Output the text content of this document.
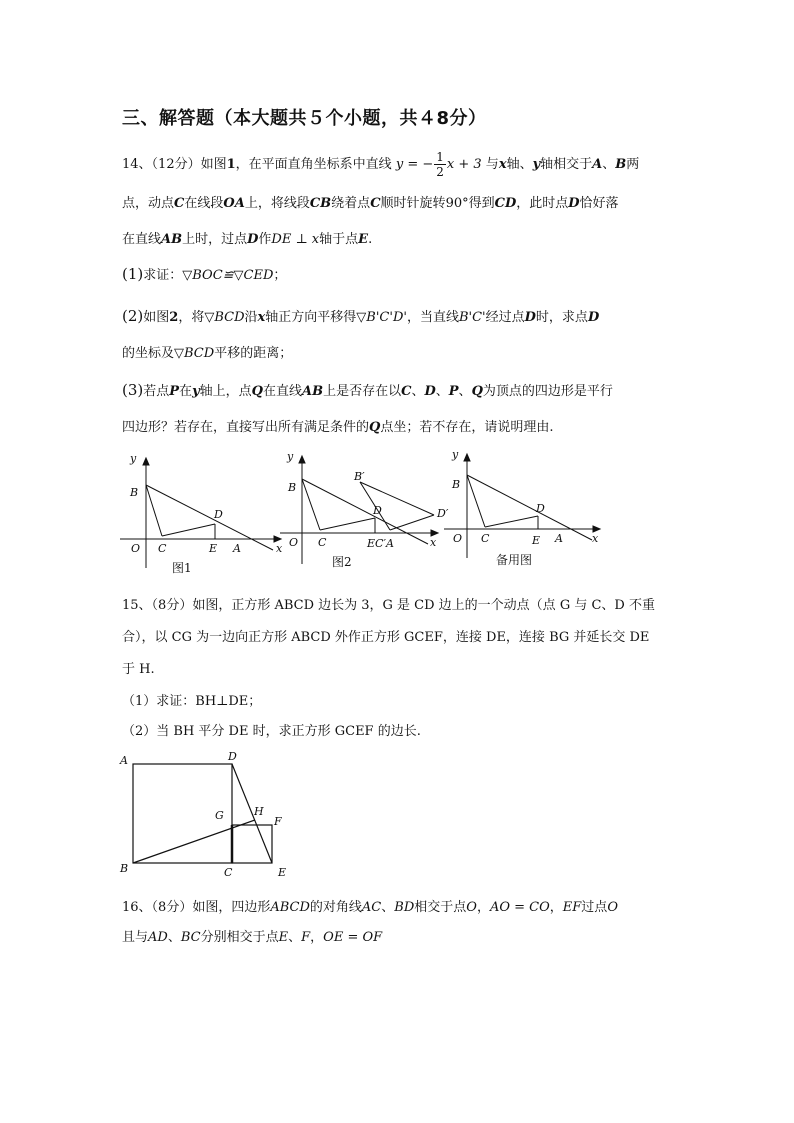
三、解答题（本大题共５个小题，共４8分）
14、（12分）如图1，在平面直角坐标系中直线 y = − $\frac{1}{2}$ x + 3 与x轴、y轴相交于A、B两
点，动点C在线段OA上，将线段CB绕着点C顺时针旋转90°得到CD，此时点D恰好落
在直线AB上时，过点D作DE ⊥ x轴于点E.
(1)求证：▽BOC≌▽CED；
(2)如图2，将▽BCD沿x轴正方向平移得▽B'C'D'，当直线B'C'经过点D时，求点D
的坐标及▽BCD平移的距离；
(3)若点P在y轴上，点Q在直线AB上是否存在以C、D、P、Q为顶点的四边形是平行
四边形？若存在，直接写出所有满足条件的Q点坐；若不存在，请说明理由.
y
x
B
O C
D
E A
图1
y
x
B
O C
D
EC′A
B′
D′
图2
y
x
B
O C
D
E A
备用图
15、（8分）如图，正方形 ABCD 边长为 3，G 是 CD 边上的一个动点（点 G 与 C、D 不重
合），以 CG 为一边向正方形 ABCD 外作正方形 GCEF，连接 DE，连接 BG 并延长交 DE
于 H.
（1）求证：BH⊥DE；
（2）当 BH 平分 DE 时，求正方形 GCEF 的边长.
A	D
B	C	E
F
G	H
16、（8分）如图，四边形ABCD的对角线AC、BD相交于点O，AO = CO，EF过点O
且与AD、BC分别相交于点E、F，OE = OF
